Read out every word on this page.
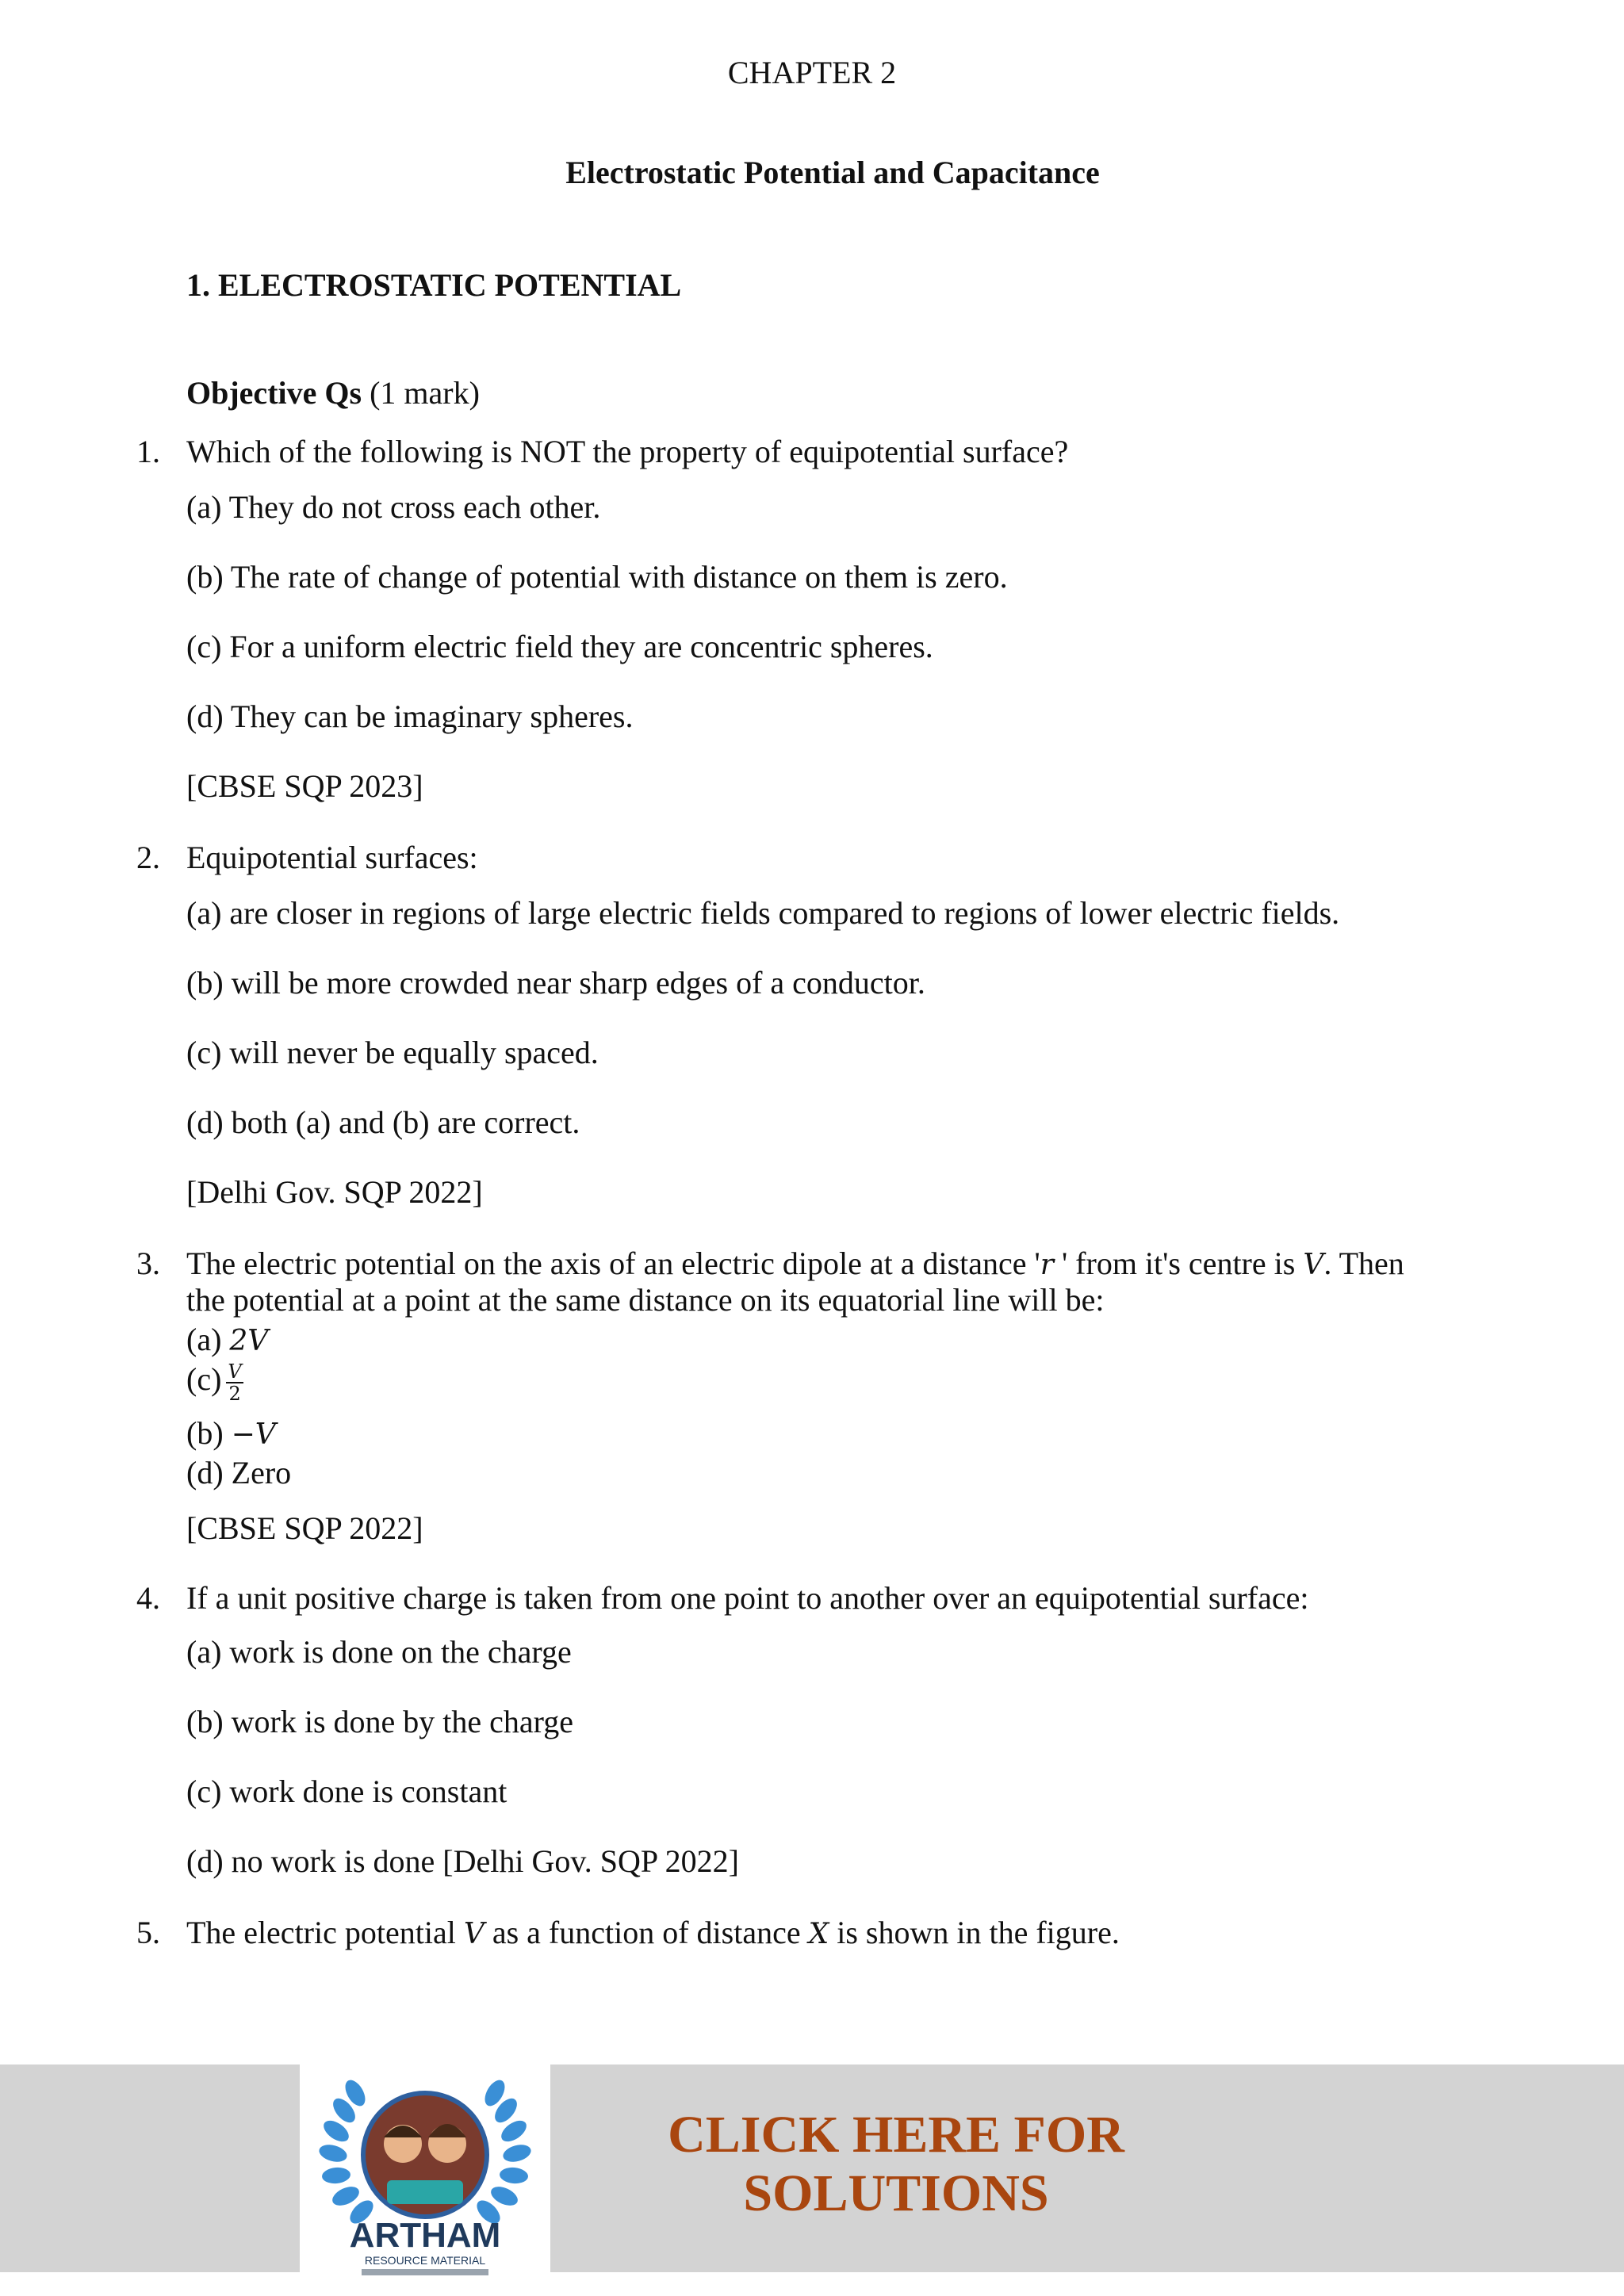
CHAPTER 2
Electrostatic Potential and Capacitance
1. ELECTROSTATIC POTENTIAL
Objective Qs (1 mark)
1. Which of the following is NOT the property of equipotential surface?
(a) They do not cross each other.
(b) The rate of change of potential with distance on them is zero.
(c) For a uniform electric field they are concentric spheres.
(d) They can be imaginary spheres.
[CBSE SQP 2023]
2. Equipotential surfaces:
(a) are closer in regions of large electric fields compared to regions of lower electric fields.
(b) will be more crowded near sharp edges of a conductor.
(c) will never be equally spaced.
(d) both (a) and (b) are correct.
[Delhi Gov. SQP 2022]
3. The electric potential on the axis of an electric dipole at a distance 'r ' from it's centre is V. Then
the potential at a point at the same distance on its equatorial line will be:
(a) 2V
$(c) \frac{V}{2}$
(b) −V
(d) Zero
[CBSE SQP 2022]
4. If a unit positive charge is taken from one point to another over an equipotential surface:
(a) work is done on the charge
(b) work is done by the charge
(c) work done is constant
(d) no work is done [Delhi Gov. SQP 2022]
5. The electric potential V as a function of distance X is shown in the figure.
ARTHAM
RESOURCE MATERIAL
CLICK HERE FOR
SOLUTIONS
